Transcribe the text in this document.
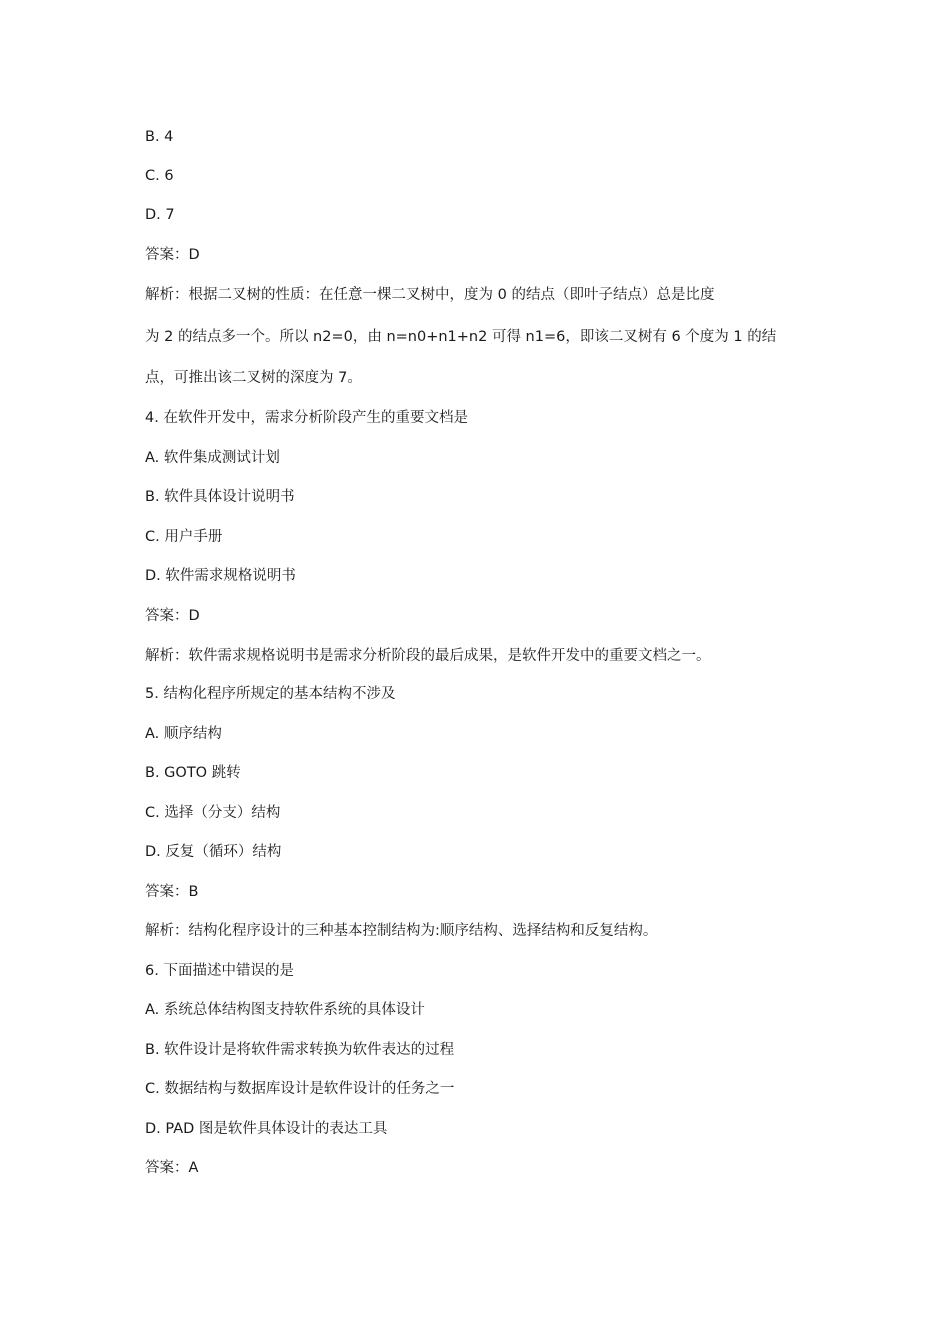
B. 4
C. 6
D. 7
答案：D
解析：根据二叉树的性质：在任意一棵二叉树中，度为 0 的结点（即叶子结点）总是比度
为 2 的结点多一个。所以 n2=0，由 n=n0+n1+n2 可得 n1=6，即该二叉树有 6 个度为 1 的结
点，可推出该二叉树的深度为 7。
4. 在软件开发中，需求分析阶段产生的重要文档是
A. 软件集成测试计划
B. 软件具体设计说明书
C. 用户手册
D. 软件需求规格说明书
答案：D
解析：软件需求规格说明书是需求分析阶段的最后成果，是软件开发中的重要文档之一。
5. 结构化程序所规定的基本结构不涉及
A. 顺序结构
B. GOTO 跳转
C. 选择（分支）结构
D. 反复（循环）结构
答案：B
解析：结构化程序设计的三种基本控制结构为:顺序结构、选择结构和反复结构。
6. 下面描述中错误的是
A. 系统总体结构图支持软件系统的具体设计
B. 软件设计是将软件需求转换为软件表达的过程
C. 数据结构与数据库设计是软件设计的任务之一
D. PAD 图是软件具体设计的表达工具
答案：A
